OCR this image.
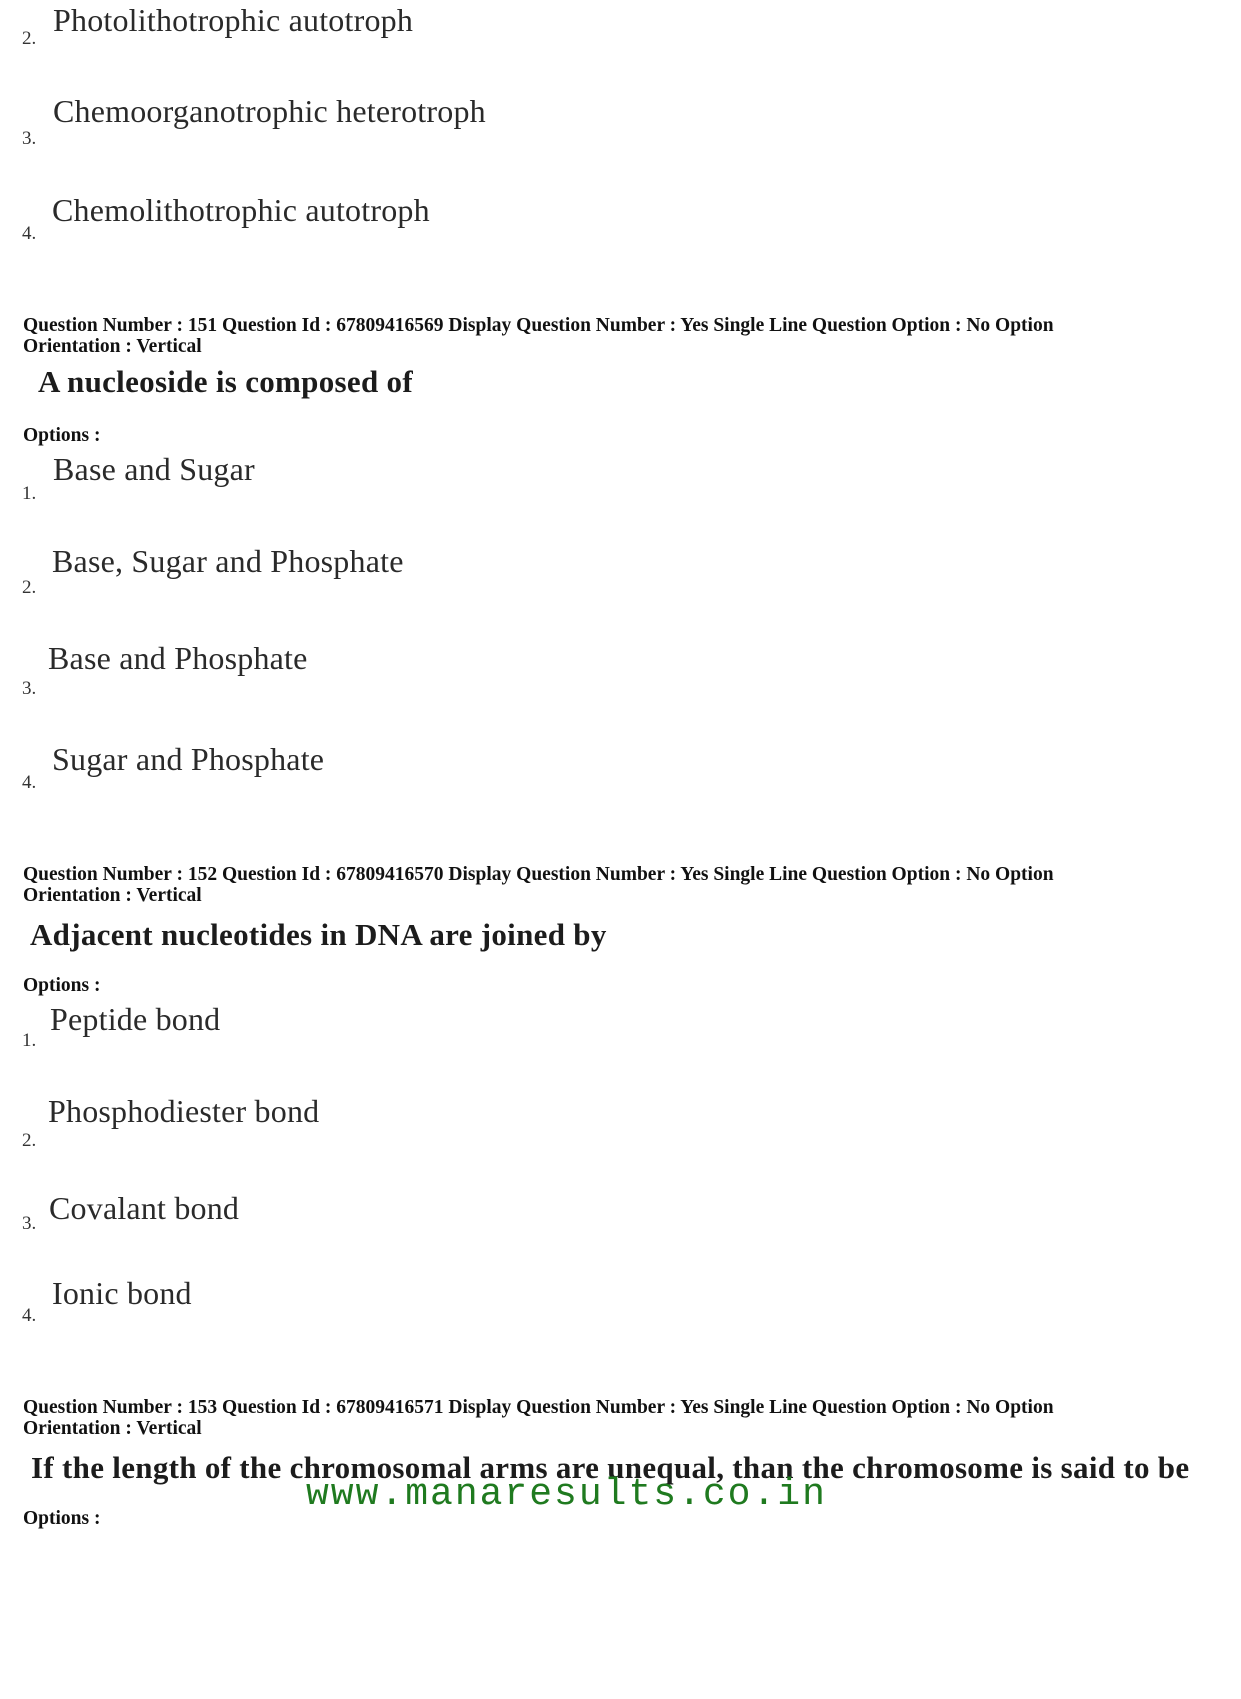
2.
Photolithotrophic autotroph
3.
Chemoorganotrophic heterotroph
4.
Chemolithotrophic autotroph
Question Number : 151 Question Id : 67809416569 Display Question Number : Yes Single Line Question Option : No Option
Orientation : Vertical
A nucleoside is composed of
Options :
1.
Base and Sugar
2.
Base, Sugar and Phosphate
3.
Base and Phosphate
4.
Sugar and Phosphate
Question Number : 152 Question Id : 67809416570 Display Question Number : Yes Single Line Question Option : No Option
Orientation : Vertical
Adjacent nucleotides in DNA are joined by
Options :
1.
Peptide bond
2.
Phosphodiester bond
3. Covalant bond
4.
Ionic bond
Question Number : 153 Question Id : 67809416571 Display Question Number : Yes Single Line Question Option : No Option
Orientation : Vertical
If the length of the chromosomal arms are unequal, than the chromosome is said to be
www.manaresults.co.in
Options :
